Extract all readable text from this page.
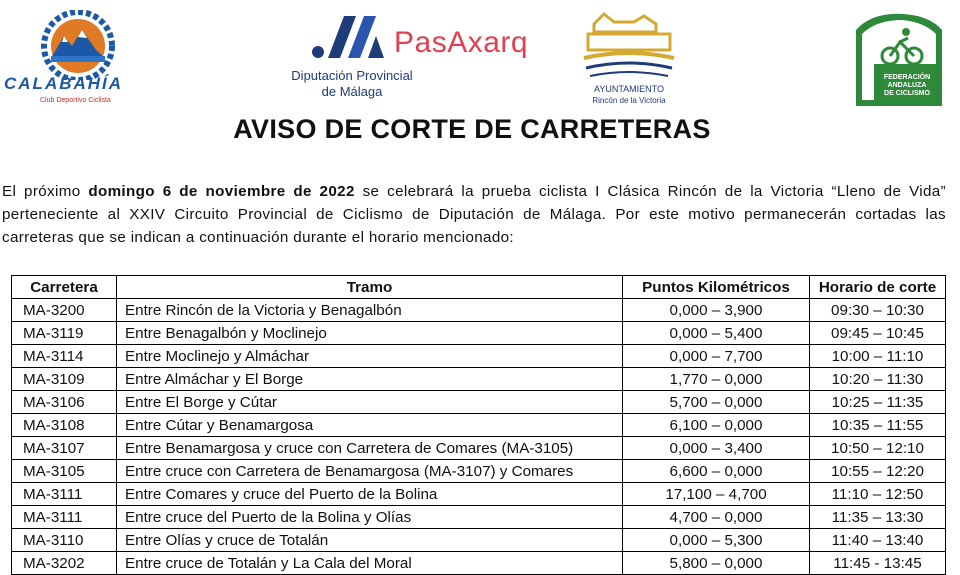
CALABAHÍA
Club Deportivo Ciclista
Diputación Provincial
de Málaga
PasAxarq
AYUNTAMIENTO
Rincón de la Victoria
FEDERACIÓN
ANDALUZA
DE CICLISMO
AVISO DE CORTE DE CARRETERAS

El próximo domingo 6 de noviembre de 2022 se celebrará la prueba ciclista I Clásica Rincón de la Victoria “Lleno de Vida” perteneciente al XXIV Circuito Provincial de Ciclismo de Diputación de Málaga. Por este motivo permanecerán cortadas las carreteras que se indican a continuación durante el horario mencionado:

Carretera	Tramo	Puntos Kilométricos	Horario de corte
MA-3200	Entre Rincón de la Victoria y Benagalbón	0,000 – 3,900	09:30 – 10:30
MA-3119	Entre Benagalbón y Moclinejo	0,000 – 5,400	09:45 – 10:45
MA-3114	Entre Moclinejo y Almáchar	0,000 – 7,700	10:00 – 11:10
MA-3109	Entre Almáchar y El Borge	1,770 – 0,000	10:20 – 11:30
MA-3106	Entre El Borge y Cútar	5,700 – 0,000	10:25 – 11:35
MA-3108	Entre Cútar y Benamargosa	6,100 – 0,000	10:35 – 11:55
MA-3107	Entre Benamargosa y cruce con Carretera de Comares (MA-3105)	0,000 – 3,400	10:50 – 12:10
MA-3105	Entre cruce con Carretera de Benamargosa (MA-3107) y Comares	6,600 – 0,000	10:55 – 12:20
MA-3111	Entre Comares y cruce del Puerto de la Bolina	17,100 – 4,700	11:10 – 12:50
MA-3111	Entre cruce del Puerto de la Bolina y Olías	4,700 – 0,000	11:35 – 13:30
MA-3110	Entre Olías y cruce de Totalán	0,000 – 5,300	11:40 – 13:40
MA-3202	Entre cruce de Totalán y La Cala del Moral	5,800 – 0,000	11:45 - 13:45
